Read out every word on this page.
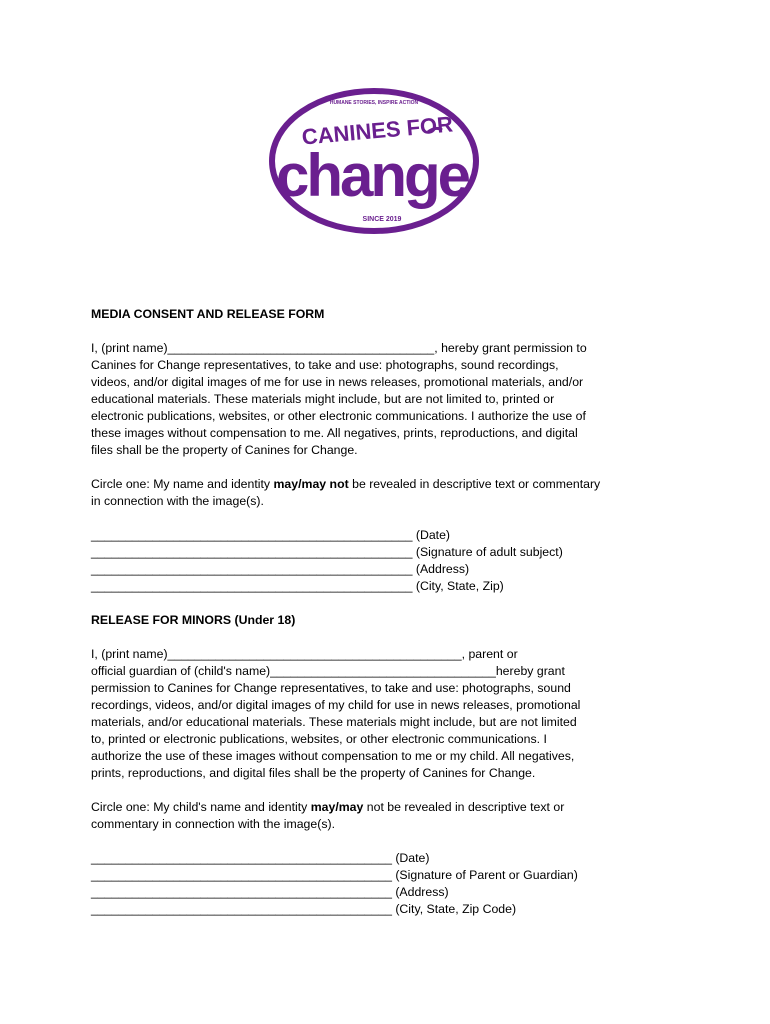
HUMANE STORIES, INSPIRE ACTION
CANINES FOR
change
SINCE 2019

MEDIA CONSENT AND RELEASE FORM

I, (print name)_______________________________________, hereby grant permission to
Canines for Change representatives, to take and use: photographs, sound recordings,
videos, and/or digital images of me for use in news releases, promotional materials, and/or
educational materials. These materials might include, but are not limited to, printed or
electronic publications, websites, or other electronic communications. I authorize the use of
these images without compensation to me. All negatives, prints, reproductions, and digital
files shall be the property of Canines for Change.

Circle one: My name and identity may/may not be revealed in descriptive text or commentary
in connection with the image(s).

_______________________________________________ (Date)
_______________________________________________ (Signature of adult subject)
_______________________________________________ (Address)
_______________________________________________ (City, State, Zip)

RELEASE FOR MINORS (Under 18)

I, (print name)___________________________________________, parent or
official guardian of (child's name)_________________________________hereby grant
permission to Canines for Change representatives, to take and use: photographs, sound
recordings, videos, and/or digital images of my child for use in news releases, promotional
materials, and/or educational materials. These materials might include, but are not limited
to, printed or electronic publications, websites, or other electronic communications. I
authorize the use of these images without compensation to me or my child. All negatives,
prints, reproductions, and digital files shall be the property of Canines for Change.

Circle one: My child's name and identity may/may not be revealed in descriptive text or
commentary in connection with the image(s).

____________________________________________ (Date)
____________________________________________ (Signature of Parent or Guardian)
____________________________________________ (Address)
____________________________________________ (City, State, Zip Code)
